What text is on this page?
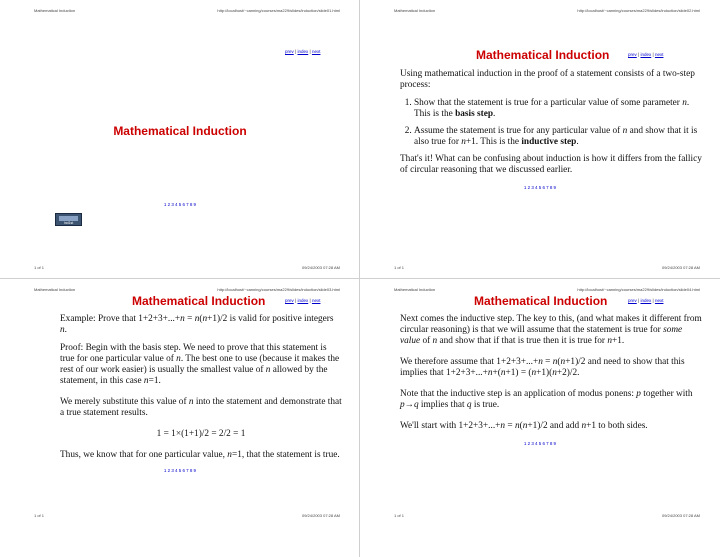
Mathematical Induction	http://localhost/~canning/courses/ma229/slides/induction/slide01.html
prev | index | next
Mathematical Induction
123456789
Ind1st
1 of 1	09/24/2003 07:28 AM
Mathematical Induction	http://localhost/~canning/courses/ma229/slides/induction/slide02.html
Mathematical Induction	prev | index | next

Using mathematical induction in the proof of a statement consists of a two-step process:

1. Show that the statement is true for a particular value of some parameter n. This is the basis step.
2. Assume the statement is true for any particular value of n and show that it is also true for n+1. This is the inductive step.

That's it! What can be confusing about induction is how it differs from the fallicy of circular reasoning that we discussed earlier.

123456789
1 of 1	09/24/2003 07:28 AM
Mathematical Induction	http://localhost/~canning/courses/ma229/slides/induction/slide03.html
Mathematical Induction	prev | index | next

Example: Prove that 1+2+3+...+n = n(n+1)/2 is valid for positive integers n.

Proof: Begin with the basis step. We need to prove that this statement is true for one particular value of n. The best one to use (because it makes the rest of our work easier) is usually the smallest value of n allowed by the statement, in this case n=1.

We merely substitute this value of n into the statement and demonstrate that a true statement results.

1 = 1×(1+1)/2 = 2/2 = 1

Thus, we know that for one particular value, n=1, that the statement is true.

123456789
1 of 1	09/24/2003 07:28 AM
Mathematical Induction	http://localhost/~canning/courses/ma229/slides/induction/slide04.html
Mathematical Induction	prev | index | next

Next comes the inductive step. The key to this, (and what makes it different from circular reasoning) is that we will assume that the statement is true for some value of n and show that if that is true then it is true for n+1.

We therefore assume that 1+2+3+...+n = n(n+1)/2 and need to show that this implies that 1+2+3+...+n+(n+1) = (n+1)(n+2)/2.

Note that the inductive step is an application of modus ponens: p together with p→q implies that q is true.

We'll start with 1+2+3+...+n = n(n+1)/2 and add n+1 to both sides.

123456789
1 of 1	09/24/2003 07:28 AM
